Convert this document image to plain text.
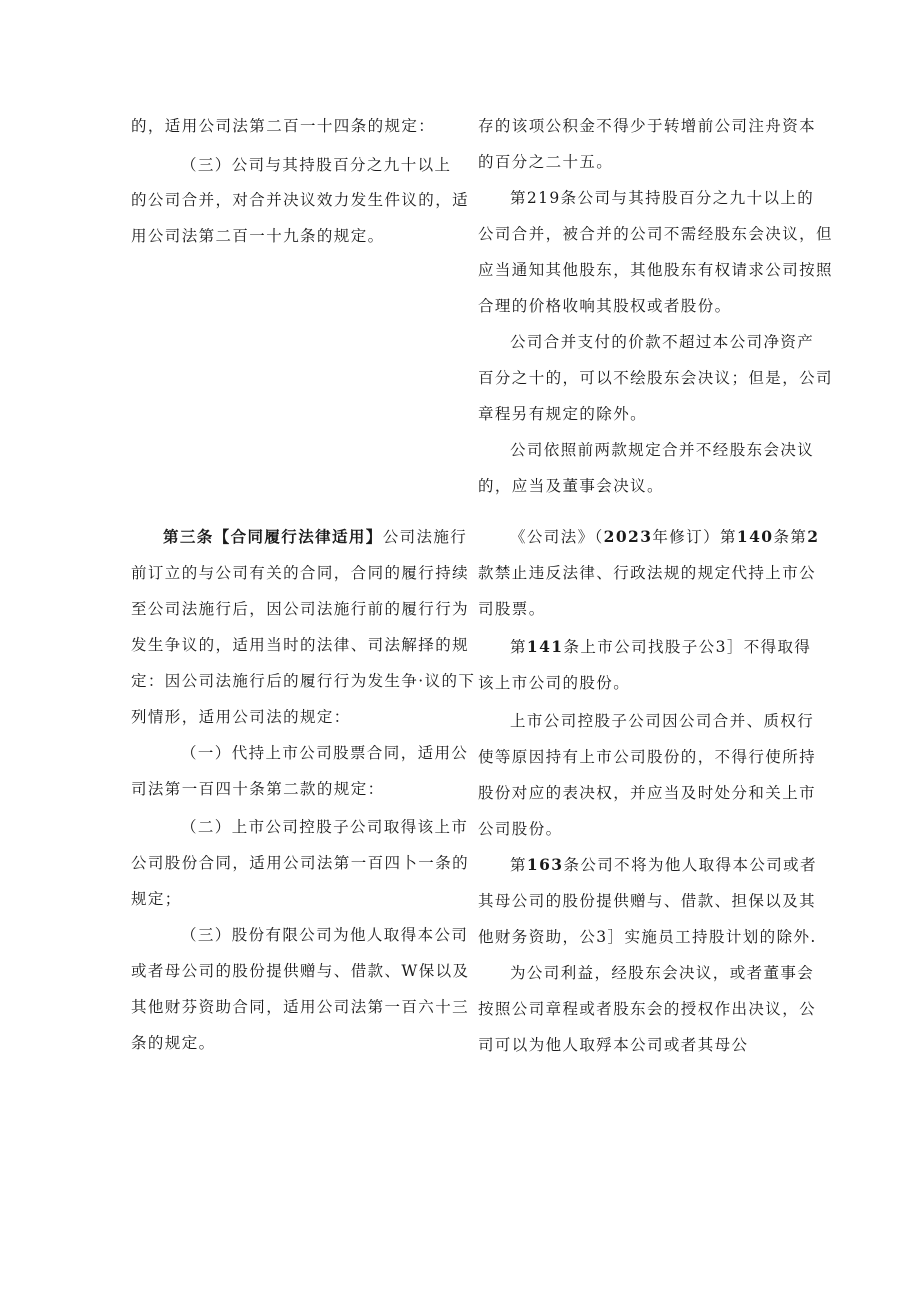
的，适用公司法第二百一十四条的规定：
（三）公司与其持股百分之九十以上
的公司合并，对合并决议效力发生件议的，适
用公司法第二百一十九条的规定。
存的该项公积金不得少于转增前公司注舟资本
的百分之二十五。
第219条公司与其持股百分之九十以上的
公司合并，被合并的公司不需经股东会决议，但
应当通知其他股东，其他股东有权请求公司按照
合理的价格收响其股权或者股份。
公司合并支付的价款不超过本公司净资产
百分之十的，可以不绘股东会决议；但是，公司
章程另有规定的除外。
公司依照前两款规定合并不经股东会决议
的，应当及董事会决议。
第三条【合同履行法律适用】公司法施行
前订立的与公司有关的合同，合同的履行持续
至公司法施行后，因公司法施行前的履行行为
发生争议的，适用当时的法律、司法解择的规
定：因公司法施行后的履行行为发生争·议的下
列情形，适用公司法的规定：
（一）代持上市公司股票合同，适用公
司法第一百四十条第二款的规定：
（二）上市公司控股子公司取得该上市
公司股份合同，适用公司法第一百四卜一条的
规定；
（三）股份有限公司为他人取得本公司
或者母公司的股份提供赠与、借款、W保以及
其他财芬资助合同，适用公司法第一百六十三
条的规定。
《公司法》（2023年修订）第140条第2
款禁止违反法律、行政法规的规定代持上市公
司股票。
第141条上市公司找股子公3］不得取得
该上市公司的股份。
上市公司控股子公司因公司合并、质权行
使等原因持有上市公司股份的，不得行使所持
股份对应的表决权，并应当及时处分和关上市
公司股份。
第163条公司不将为他人取得本公司或者
其母公司的股份提供赠与、借款、担保以及其
他财务资助，公3］实施员工持股计划的除外.
为公司利益，经股东会决议，或者董事会
按照公司章程或者股东会的授权作出决议，公
司可以为他人取殍本公司或者其母公
